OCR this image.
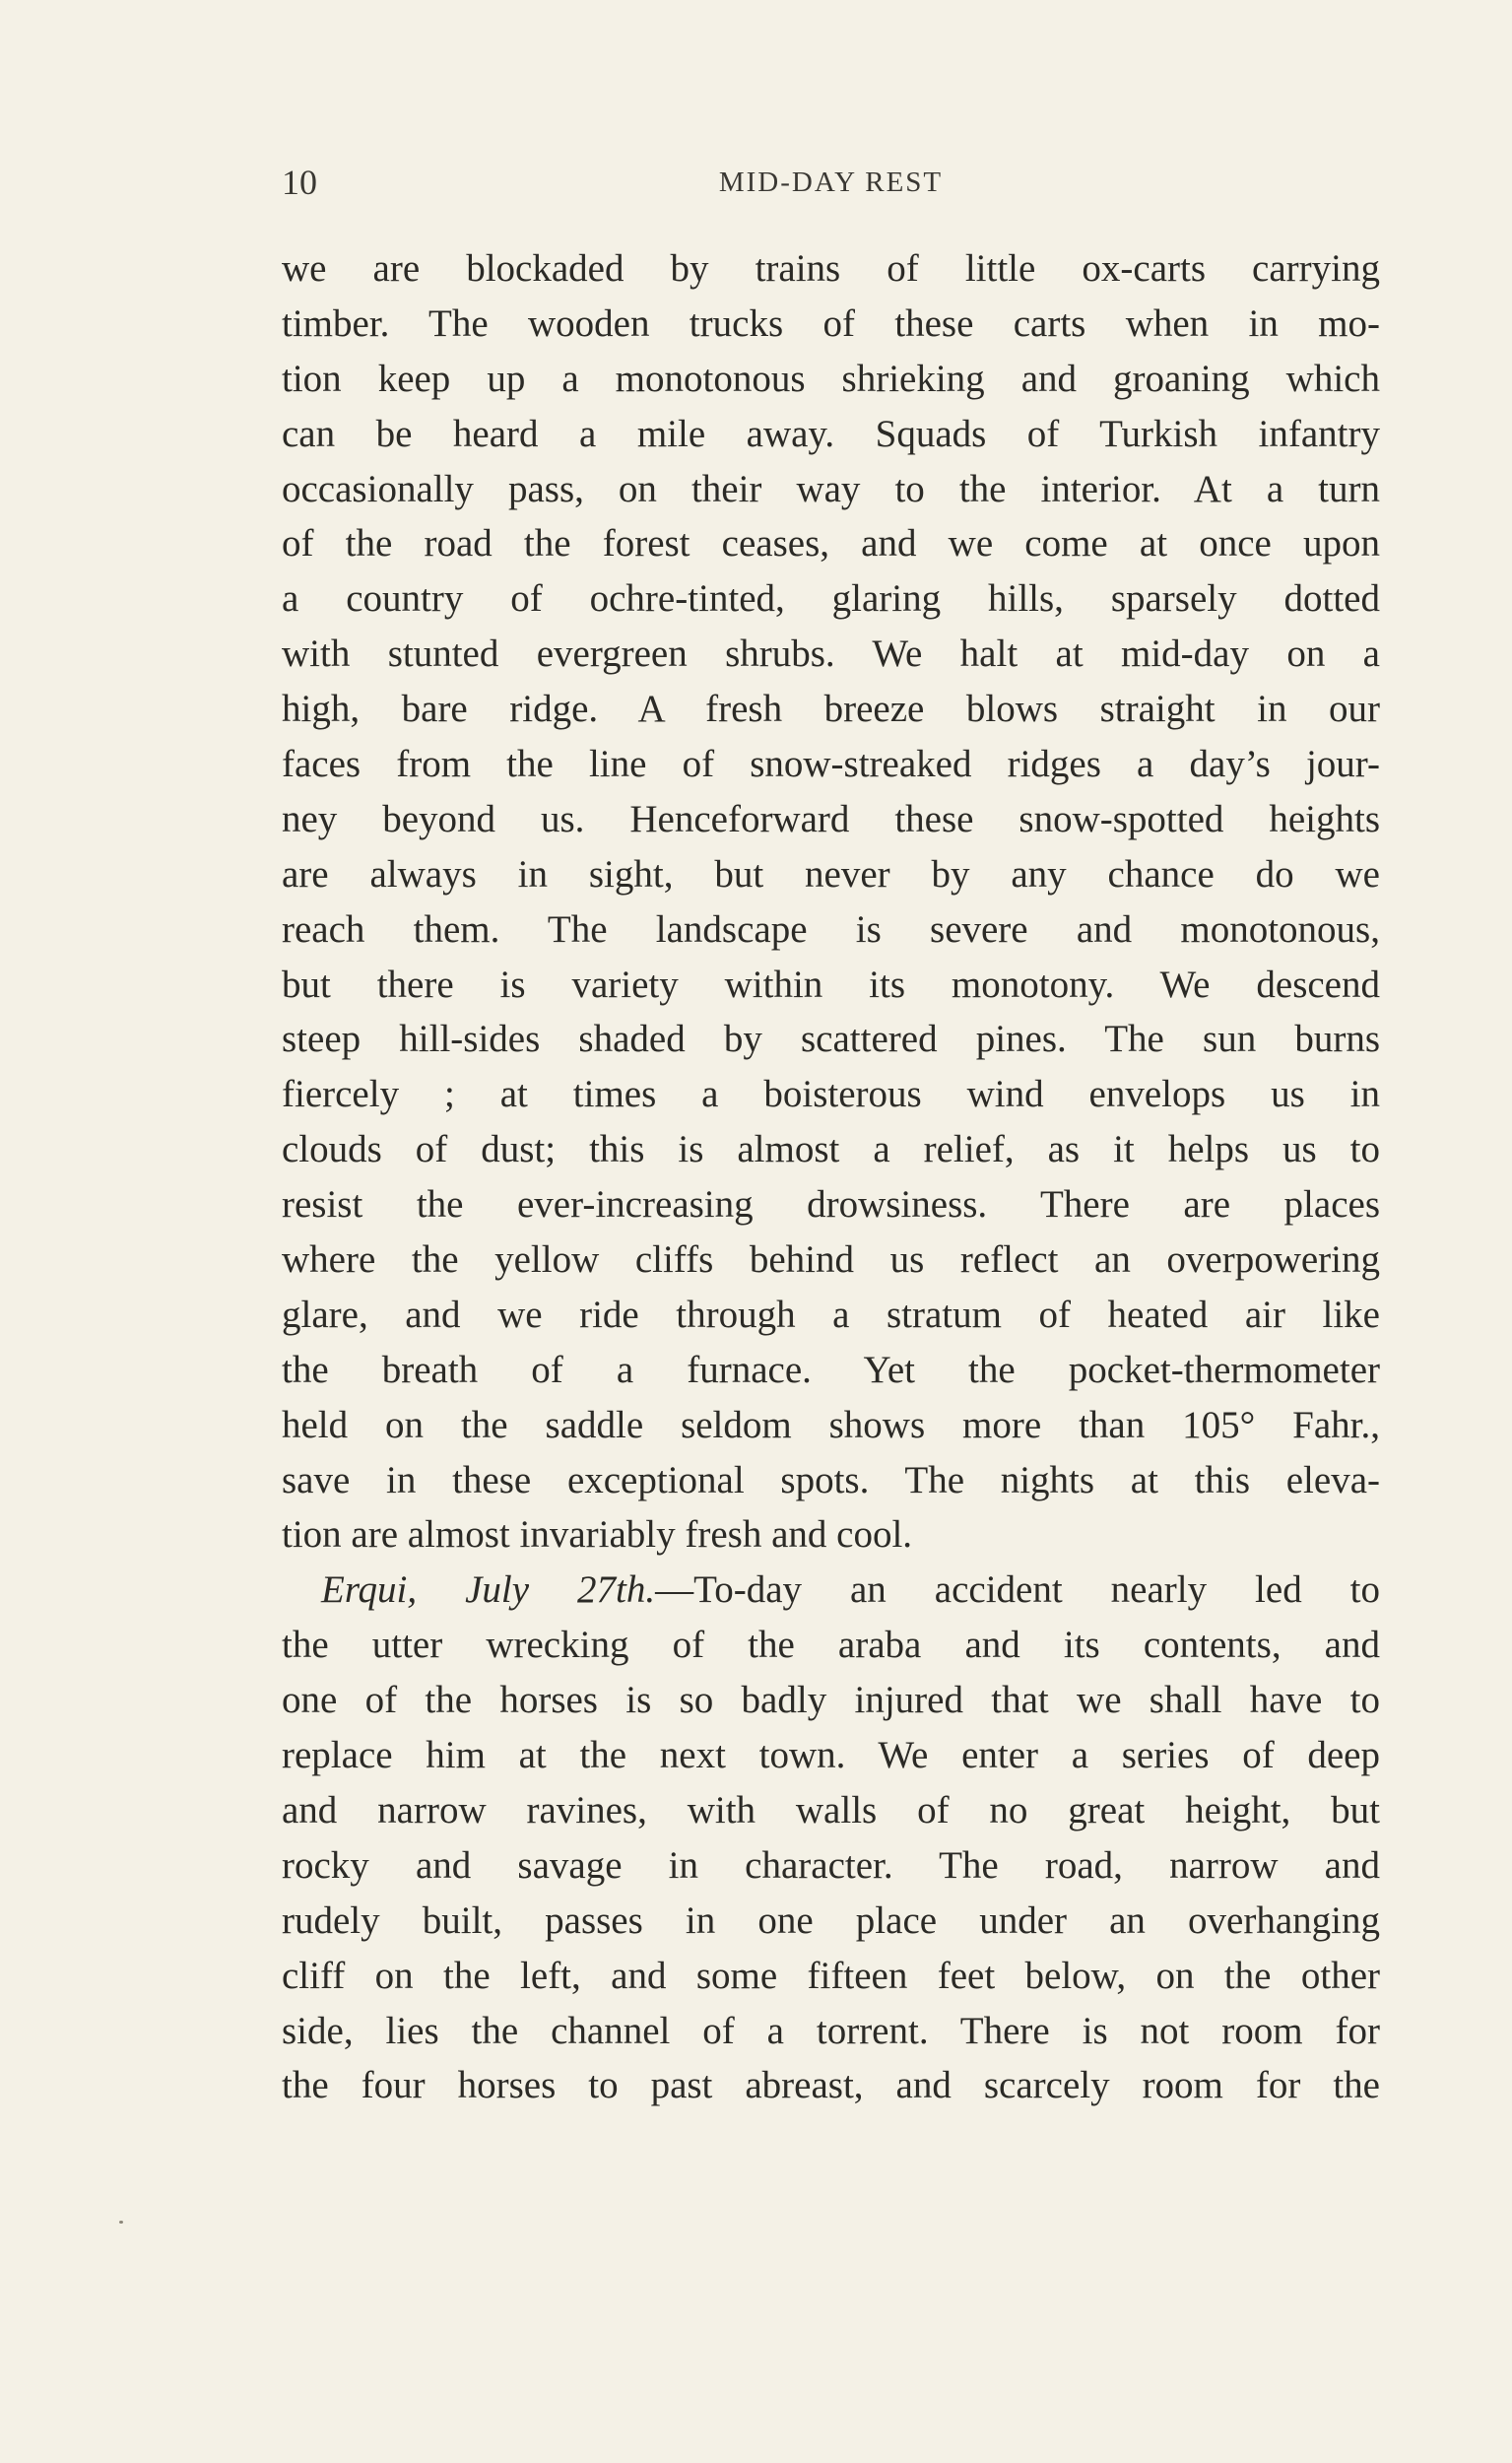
10	MID-DAY REST
we are blockaded by trains of little ox-carts carrying
timber. The wooden trucks of these carts when in mo-
tion keep up a monotonous shrieking and groaning which
can be heard a mile away. Squads of Turkish infantry
occasionally pass, on their way to the interior. At a turn
of the road the forest ceases, and we come at once upon
a country of ochre-tinted, glaring hills, sparsely dotted
with stunted evergreen shrubs. We halt at mid-day on a
high, bare ridge. A fresh breeze blows straight in our
faces from the line of snow-streaked ridges a day’s jour-
ney beyond us. Henceforward these snow-spotted heights
are always in sight, but never by any chance do we
reach them. The landscape is severe and monotonous,
but there is variety within its monotony. We descend
steep hill-sides shaded by scattered pines. The sun burns
fiercely ; at times a boisterous wind envelops us in
clouds of dust; this is almost a relief, as it helps us to
resist the ever-increasing drowsiness. There are places
where the yellow cliffs behind us reflect an overpowering
glare, and we ride through a stratum of heated air like
the breath of a furnace. Yet the pocket-thermometer
held on the saddle seldom shows more than 105° Fahr.,
save in these exceptional spots. The nights at this eleva-
tion are almost invariably fresh and cool.
Erqui, July 27th.—To-day an accident nearly led to
the utter wrecking of the araba and its contents, and
one of the horses is so badly injured that we shall have to
replace him at the next town. We enter a series of deep
and narrow ravines, with walls of no great height, but
rocky and savage in character. The road, narrow and
rudely built, passes in one place under an overhanging
cliff on the left, and some fifteen feet below, on the other
side, lies the channel of a torrent. There is not room for
the four horses to past abreast, and scarcely room for the
